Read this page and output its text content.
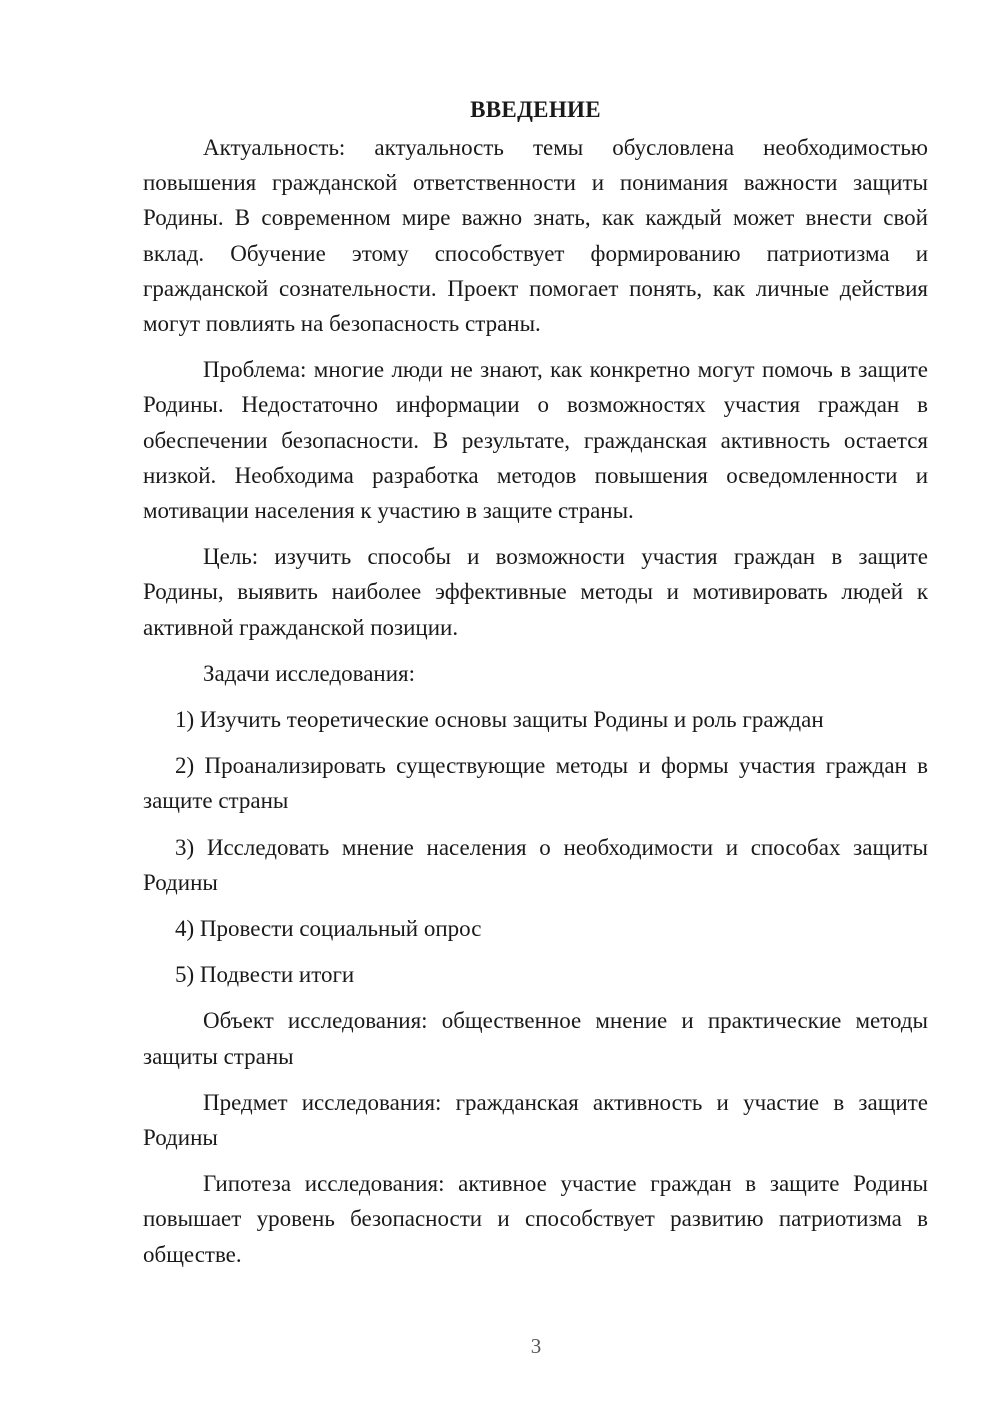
ВВЕДЕНИЕ

Актуальность: актуальность темы обусловлена необходимостью повышения гражданской ответственности и понимания важности защиты Родины. В современном мире важно знать, как каждый может внести свой вклад. Обучение этому способствует формированию патриотизма и гражданской сознательности. Проект помогает понять, как личные действия могут повлиять на безопасность страны.

Проблема: многие люди не знают, как конкретно могут помочь в защите Родины. Недостаточно информации о возможностях участия граждан в обеспечении безопасности. В результате, гражданская активность остается низкой. Необходима разработка методов повышения осведомленности и мотивации населения к участию в защите страны.

Цель: изучить способы и возможности участия граждан в защите Родины, выявить наиболее эффективные методы и мотивировать людей к активной гражданской позиции.

Задачи исследования:

1) Изучить теоретические основы защиты Родины и роль граждан

2) Проанализировать существующие методы и формы участия граждан в защите страны

3) Исследовать мнение населения о необходимости и способах защиты Родины

4) Провести социальный опрос

5) Подвести итоги

Объект исследования: общественное мнение и практические методы защиты страны

Предмет исследования: гражданская активность и участие в защите Родины

Гипотеза исследования: активное участие граждан в защите Родины повышает уровень безопасности и способствует развитию патриотизма в обществе.

3
